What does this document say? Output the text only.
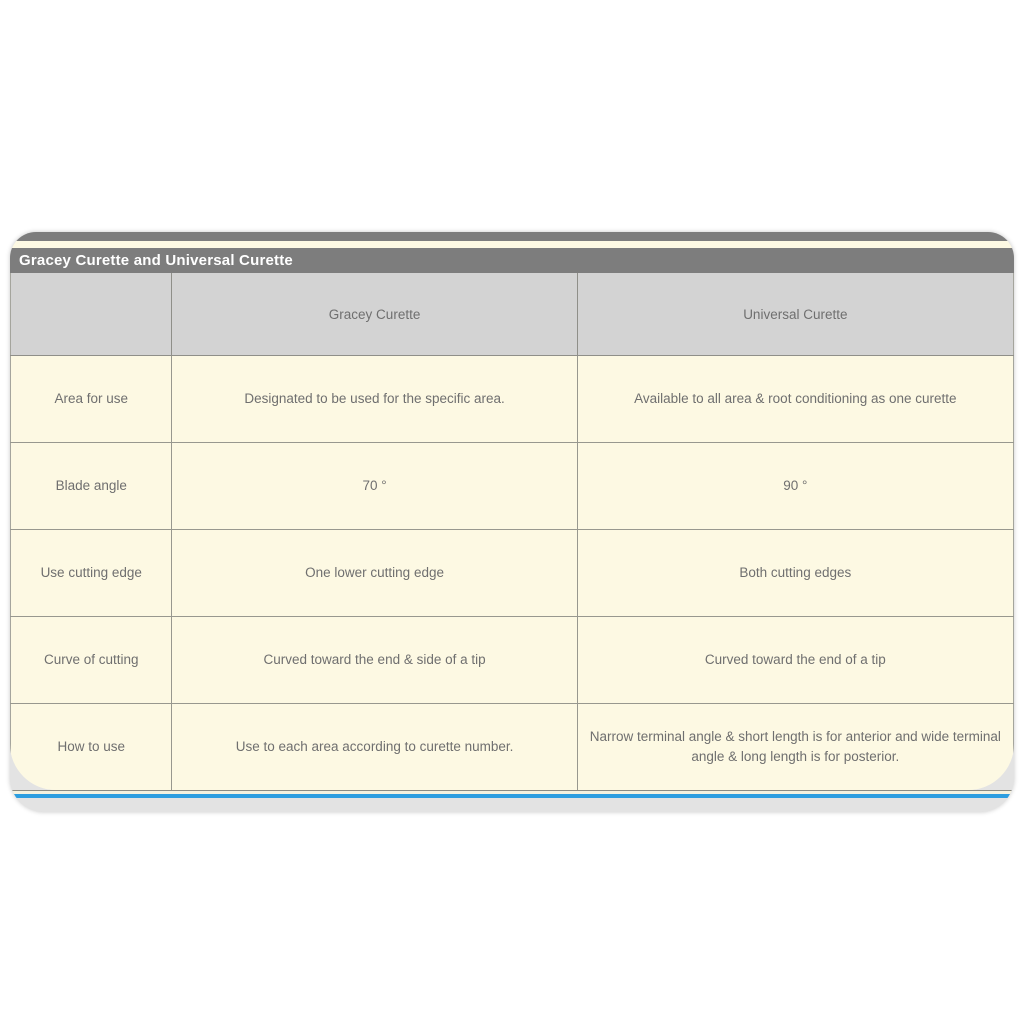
Gracey Curette and Universal Curette
	Gracey Curette	Universal Curette
Area for use	Designated to be used for the specific area.	Available to all area & root conditioning as one curette
Blade angle	70 °	90 °
Use cutting edge	One lower cutting edge	Both cutting edges
Curve of cutting	Curved toward the end & side of a tip	Curved toward the end of a tip
How to use	Use to each area according to curette number.	Narrow terminal angle & short length is for anterior and wide terminal angle & long length is for posterior.
